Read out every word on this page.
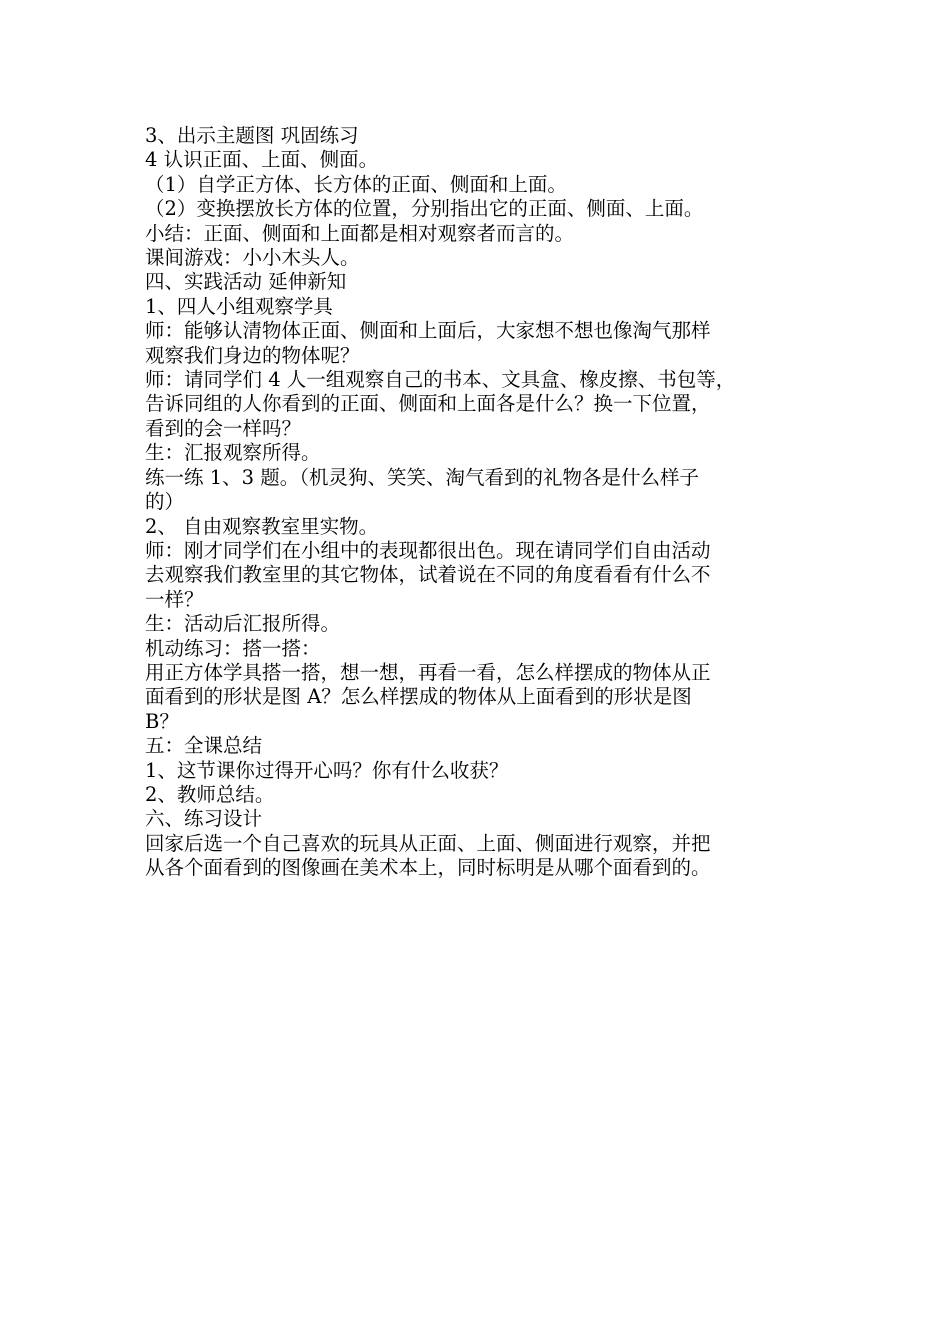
3、出示主题图 巩固练习
4 认识正面、上面、侧面。
（1）自学正方体、长方体的正面、侧面和上面。
（2）变换摆放长方体的位置，分别指出它的正面、侧面、上面。
小结：正面、侧面和上面都是相对观察者而言的。
课间游戏：小小木头人。
四、实践活动 延伸新知
1、四人小组观察学具
师：能够认清物体正面、侧面和上面后，大家想不想也像淘气那样
观察我们身边的物体呢？
师：请同学们 4 人一组观察自己的书本、文具盒、橡皮擦、书包等，
告诉同组的人你看到的正面、侧面和上面各是什么？换一下位置，
看到的会一样吗？
生：汇报观察所得。
练一练 1、3 题。（机灵狗、笑笑、淘气看到的礼物各是什么样子
的）
2、 自由观察教室里实物。
师：刚才同学们在小组中的表现都很出色。现在请同学们自由活动
去观察我们教室里的其它物体，试着说在不同的角度看看有什么不
一样？
生：活动后汇报所得。
机动练习：搭一搭：
用正方体学具搭一搭，想一想，再看一看，怎么样摆成的物体从正
面看到的形状是图 A？怎么样摆成的物体从上面看到的形状是图
B？
五：全课总结
1、这节课你过得开心吗？你有什么收获？
2、教师总结。
六、练习设计
回家后选一个自己喜欢的玩具从正面、上面、侧面进行观察，并把
从各个面看到的图像画在美术本上，同时标明是从哪个面看到的。
